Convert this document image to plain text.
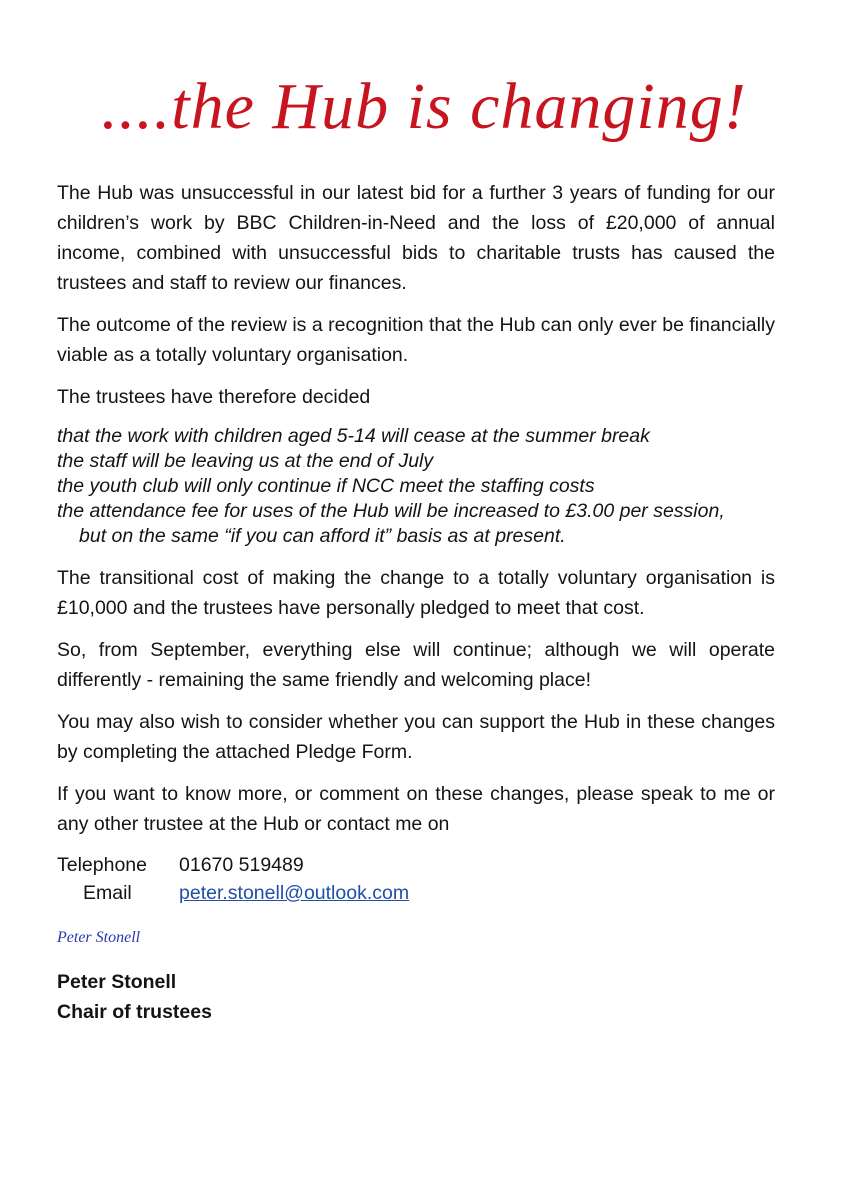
....the Hub is changing!

The Hub was unsuccessful in our latest bid for a further 3 years of funding for our children’s work by BBC Children-in-Need and the loss of £20,000 of annual income, combined with unsuccessful bids to charitable trusts has caused the trustees and staff to review our finances.

The outcome of the review is a recognition that the Hub can only ever be financially viable as a totally voluntary organisation.

The trustees have therefore decided

that the work with children aged 5-14 will cease at the summer break
the staff will be leaving us at the end of July
the youth club will only continue if NCC meet the staffing costs
the attendance fee for uses of the Hub will be increased to £3.00 per session,
but on the same “if you can afford it” basis as at present.

The transitional cost of making the change to a totally voluntary organisation is £10,000 and the trustees have personally pledged to meet that cost.

So, from September, everything else will continue; although we will operate differently - remaining the same friendly and welcoming place!

You may also wish to consider whether you can support the Hub in these changes by completing the attached Pledge Form.

If you want to know more, or comment on these changes, please speak to me or any other trustee at the Hub or contact me on

Telephone	01670 519489
Email	peter.stonell@outlook.com
Peter Stonell
Peter Stonell
Chair of trustees
